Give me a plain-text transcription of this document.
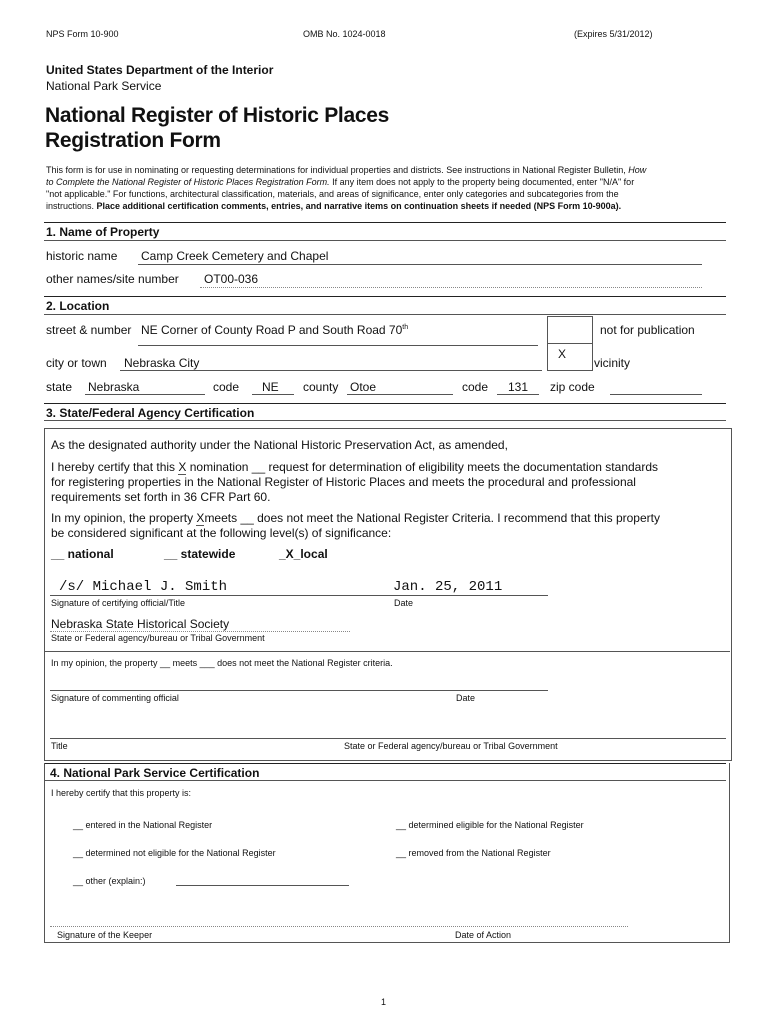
NPS Form 10-900	OMB No. 1024-0018	(Expires 5/31/2012)
United States Department of the Interior
National Park Service
National Register of Historic Places
Registration Form
This form is for use in nominating or requesting determinations for individual properties and districts. See instructions in National Register Bulletin, How
to Complete the National Register of Historic Places Registration Form. If any item does not apply to the property being documented, enter "N/A" for
"not applicable." For functions, architectural classification, materials, and areas of significance, enter only categories and subcategories from the
instructions. Place additional certification comments, entries, and narrative items on continuation sheets if needed (NPS Form 10-900a).
1. Name of Property
historic name Camp Creek Cemetery and Chapel
other names/site number OT00-036
2. Location
street & number NE Corner of County Road P and South Road 70th	not for publication
city or town Nebraska City
X
vicinity
state Nebraska	code NE county Otoe	code 131 zip code
3. State/Federal Agency Certification
As the designated authority under the National Historic Preservation Act, as amended,
I hereby certify that this X nomination __ request for determination of eligibility meets the documentation standards
for registering properties in the National Register of Historic Places and meets the procedural and professional
requirements set forth in 36 CFR Part 60.
In my opinion, the property Xmeets __ does not meet the National Register Criteria. I recommend that this property
be considered significant at the following level(s) of significance:
__ national	__ statewide	_X_local
/s/ Michael J. Smith	Jan. 25, 2011
Signature of certifying official/Title	Date
Nebraska State Historical Society
State or Federal agency/bureau or Tribal Government
In my opinion, the property __ meets ___ does not meet the National Register criteria.
Signature of commenting official	Date
Title	State or Federal agency/bureau or Tribal Government
4. National Park Service Certification
I hereby certify that this property is:
__ entered in the National Register	__ determined eligible for the National Register
__ determined not eligible for the National Register	__ removed from the National Register
__ other (explain:)
Signature of the Keeper	Date of Action
1
